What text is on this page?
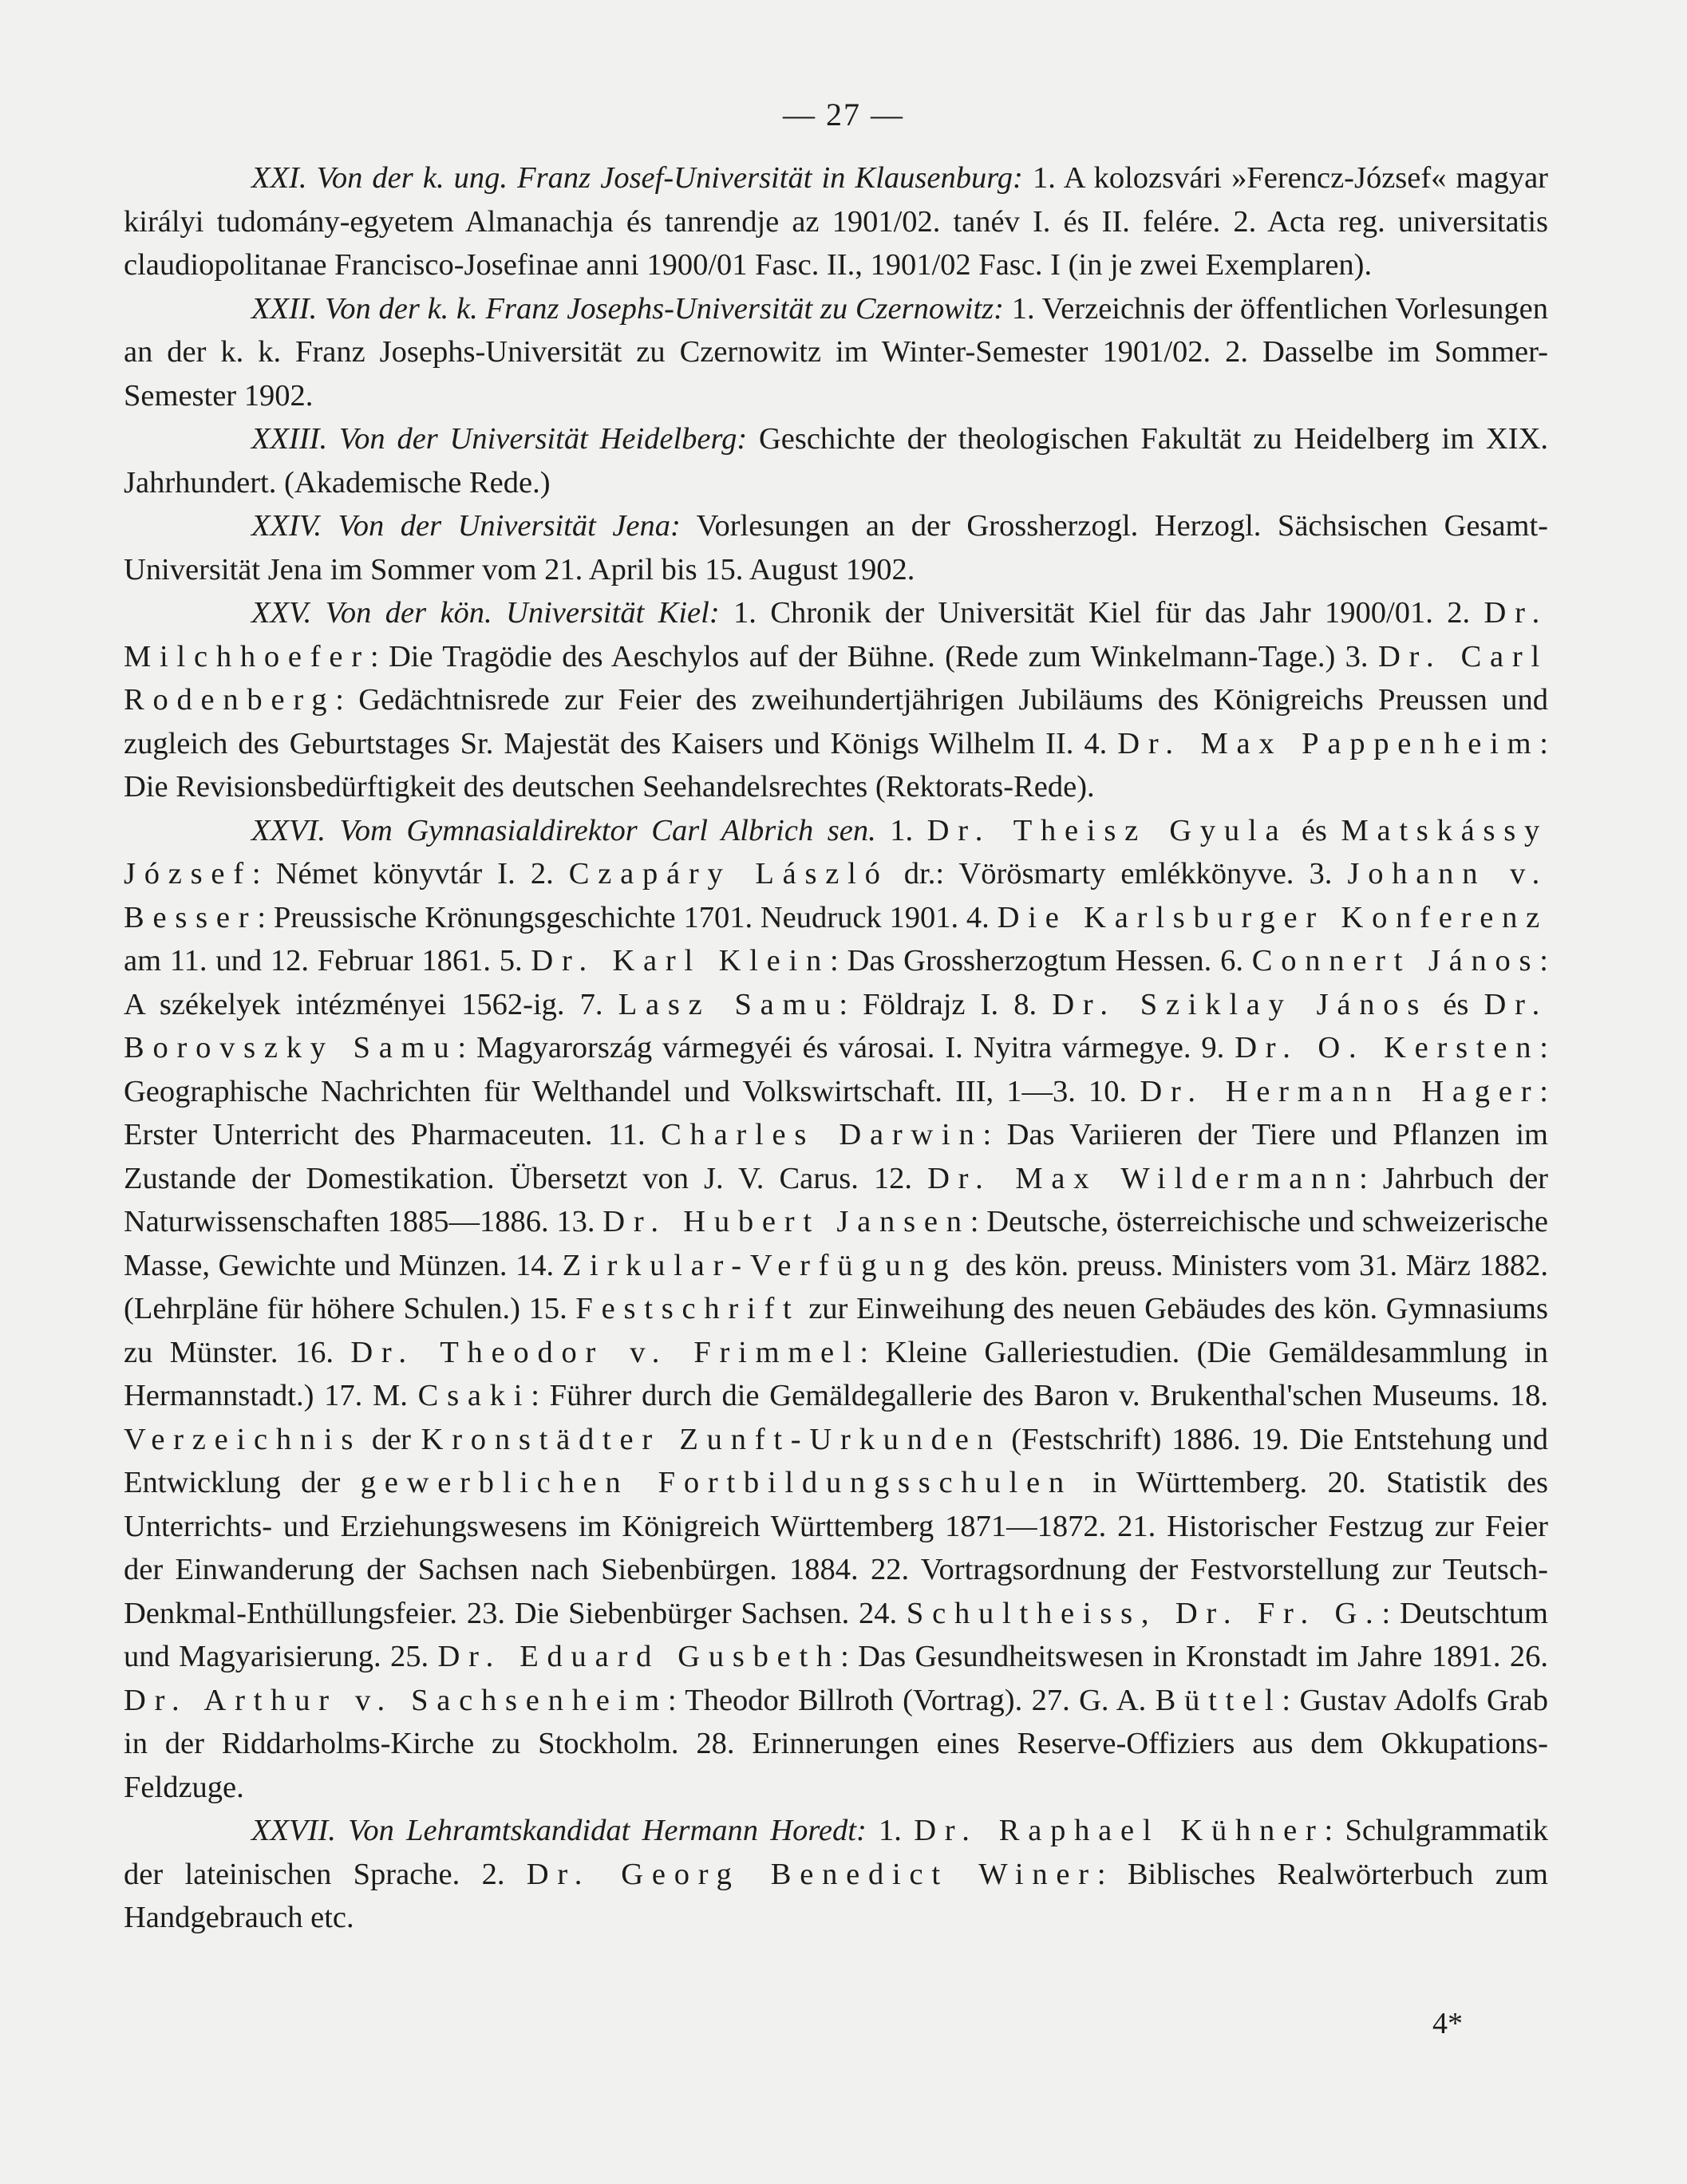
— 27 —

XXI. Von der k. ung. Franz Josef-Universität in Klausenburg: 1. A kolozsvári »Ferencz-József« magyar királyi tudomány-egyetem Almanachja és tanrendje az 1901/02. tanév I. és II. felére. 2. Acta reg. universitatis claudiopolitanae Francisco-Josefinae anni 1900/01 Fasc. II., 1901/02 Fasc. I (in je zwei Exemplaren).

XXII. Von der k. k. Franz Josephs-Universität zu Czernowitz: 1. Verzeichnis der öffentlichen Vorlesungen an der k. k. Franz Josephs-Universität zu Czernowitz im Winter-Semester 1901/02. 2. Dasselbe im Sommer-Semester 1902.

XXIII. Von der Universität Heidelberg: Geschichte der theologischen Fakultät zu Heidelberg im XIX. Jahrhundert. (Akademische Rede.)

XXIV. Von der Universität Jena: Vorlesungen an der Grossherzogl. Herzogl. Sächsischen Gesamt-Universität Jena im Sommer vom 21. April bis 15. August 1902.

XXV. Von der kön. Universität Kiel: 1. Chronik der Universität Kiel für das Jahr 1900/01. 2. Dr. Milchhoefer: Die Tragödie des Aeschylos auf der Bühne. (Rede zum Winkelmann-Tage.) 3. Dr. Carl Rodenberg: Gedächtnisrede zur Feier des zweihundertjährigen Jubiläums des Königreichs Preussen und zugleich des Geburtstages Sr. Majestät des Kaisers und Königs Wilhelm II. 4. Dr. Max Pappenheim: Die Revisionsbedürftigkeit des deutschen Seehandelsrechtes (Rektorats-Rede).

XXVI. Vom Gymnasialdirektor Carl Albrich sen. 1. Dr. Theisz Gyula és Matskássy József: Német könyvtár I. 2. Czapáry László dr.: Vörösmarty emlékkönyve. 3. Johann v. Besser: Preussische Krönungsgeschichte 1701. Neudruck 1901. 4. Die Karlsburger Konferenz am 11. und 12. Februar 1861. 5. Dr. Karl Klein: Das Grossherzogtum Hessen. 6. Connert János: A székelyek intézményei 1562-ig. 7. Lasz Samu: Földrajz I. 8. Dr. Sziklay János és Dr. Borovszky Samu: Magyarország vármegyéi és városai. I. Nyitra vármegye. 9. Dr. O. Kersten: Geographische Nachrichten für Welthandel und Volkswirtschaft. III, 1—3. 10. Dr. Hermann Hager: Erster Unterricht des Pharmaceuten. 11. Charles Darwin: Das Variieren der Tiere und Pflanzen im Zustande der Domestikation. Übersetzt von J. V. Carus. 12. Dr. Max Wildermann: Jahrbuch der Naturwissenschaften 1885—1886. 13. Dr. Hubert Jansen: Deutsche, österreichische und schweizerische Masse, Gewichte und Münzen. 14. Zirkular-Verfügung des kön. preuss. Ministers vom 31. März 1882. (Lehrpläne für höhere Schulen.) 15. Festschrift zur Einweihung des neuen Gebäudes des kön. Gymnasiums zu Münster. 16. Dr. Theodor v. Frimmel: Kleine Galleriestudien. (Die Gemäldesammlung in Hermannstadt.) 17. M. Csaki: Führer durch die Gemäldegallerie des Baron v. Brukenthal'schen Museums. 18. Verzeichnis der Kronstädter Zunft-Urkunden (Festschrift) 1886. 19. Die Entstehung und Entwicklung der gewerblichen Fortbildungsschulen in Württemberg. 20. Statistik des Unterrichts- und Erziehungswesens im Königreich Württemberg 1871—1872. 21. Historischer Festzug zur Feier der Einwanderung der Sachsen nach Siebenbürgen. 1884. 22. Vortragsordnung der Festvorstellung zur Teutsch-Denkmal-Enthüllungsfeier. 23. Die Siebenbürger Sachsen. 24. Schultheiss, Dr. Fr. G.: Deutschtum und Magyarisierung. 25. Dr. Eduard Gusbeth: Das Gesundheitswesen in Kronstadt im Jahre 1891. 26. Dr. Arthur v. Sachsenheim: Theodor Billroth (Vortrag). 27. G. A. Büttel: Gustav Adolfs Grab in der Riddarholms-Kirche zu Stockholm. 28. Erinnerungen eines Reserve-Offiziers aus dem Okkupations-Feldzuge.

XXVII. Von Lehramtskandidat Hermann Horedt: 1. Dr. Raphael Kühner: Schulgrammatik der lateinischen Sprache. 2. Dr. Georg Benedict Winer: Biblisches Realwörterbuch zum Handgebrauch etc.

4*
